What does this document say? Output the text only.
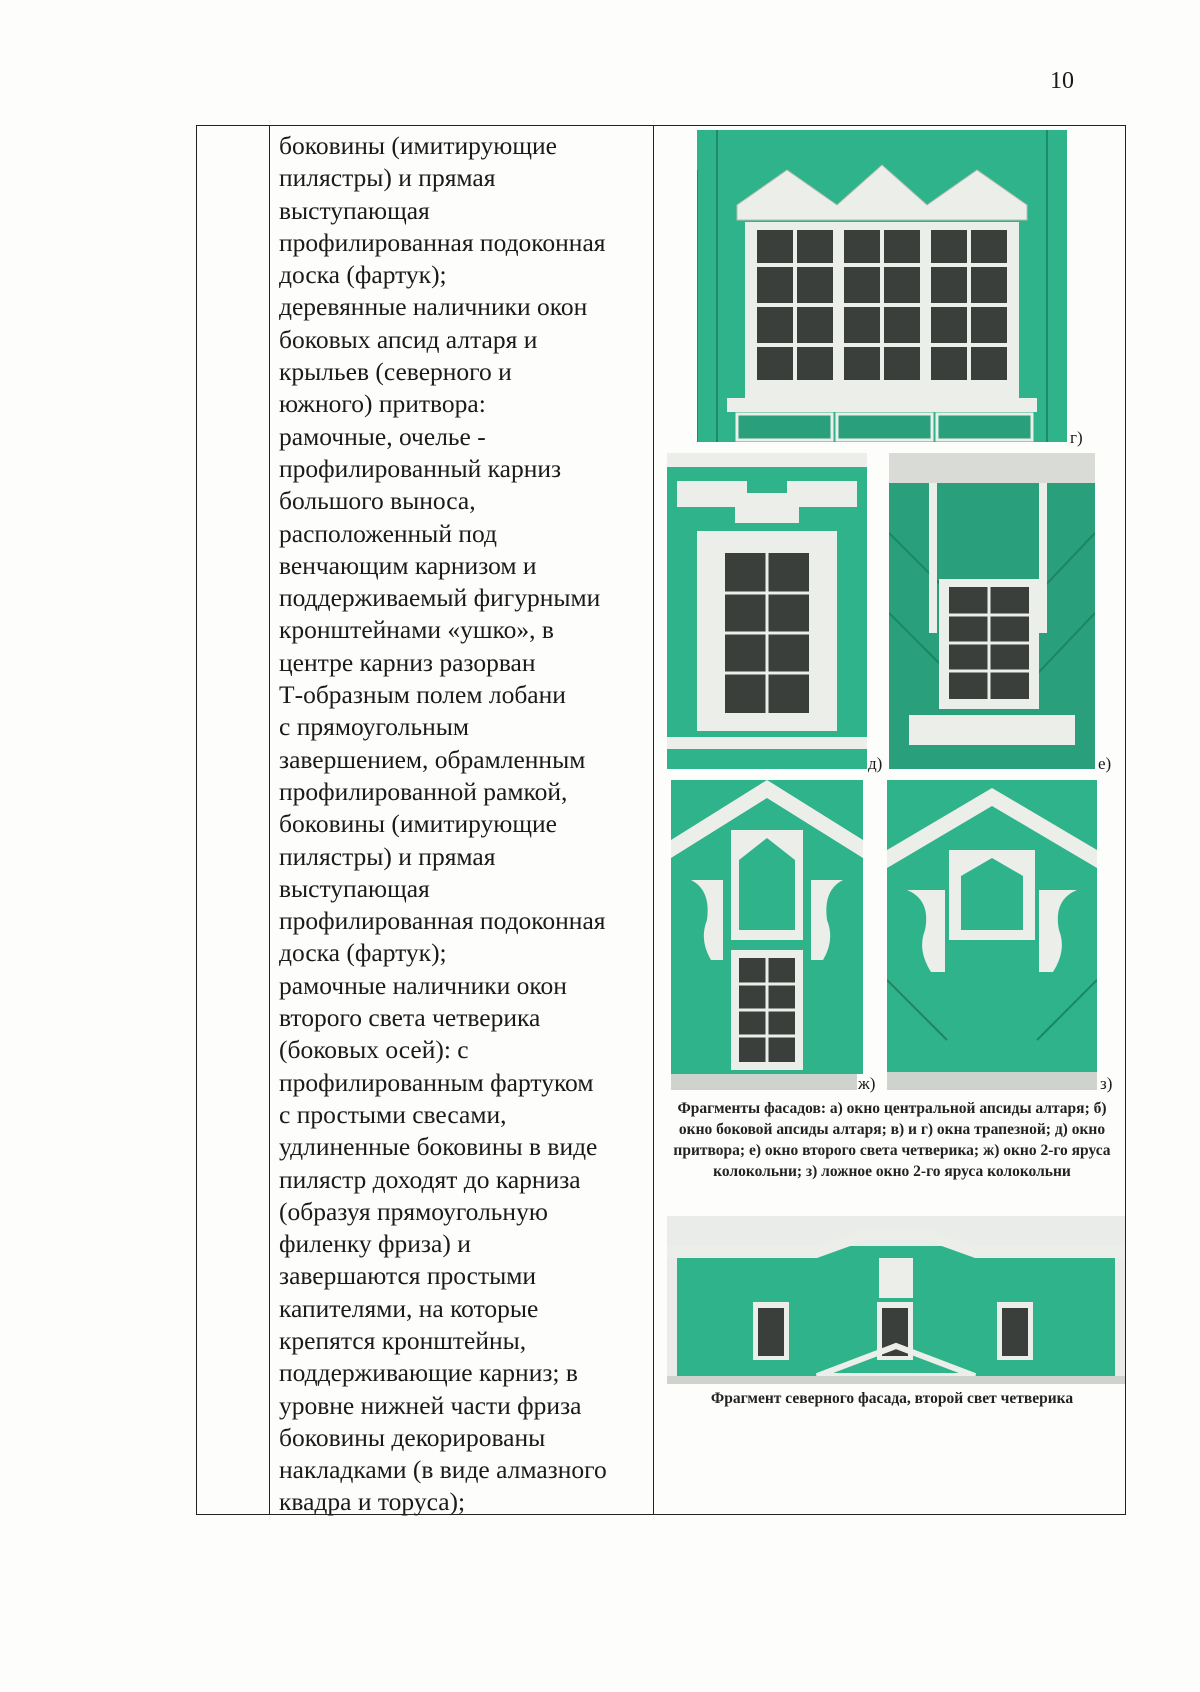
10
боковины (имитирующие
пилястры) и прямая
выступающая
профилированная подоконная
доска (фартук);
деревянные наличники окон
боковых апсид алтаря и
крыльев (северного и
южного) притвора:
рамочные, очелье -
профилированный карниз
большого выноса,
расположенный под
венчающим карнизом и
поддерживаемый фигурными
кронштейнами «ушко», в
центре карниз разорван
Т-образным полем лобани
с прямоугольным
завершением, обрамленным
профилированной рамкой,
боковины (имитирующие
пилястры) и прямая
выступающая
профилированная подоконная
доска (фартук);
рамочные наличники окон
второго света четверика
(боковых осей): с
профилированным фартуком
с простыми свесами,
удлиненные боковины в виде
пилястр доходят до карниза
(образуя прямоугольную
филенку фриза) и
завершаются простыми
капителями, на которые
крепятся кронштейны,
поддерживающие карниз; в
уровне нижней части фриза
боковины декорированы
накладками (в виде алмазного
квадра и торуса);
г)
д)	е)
ж)	з)
Фрагменты фасадов: а) окно центральной апсиды алтаря; б) окно боковой апсиды алтаря; в) и г) окна трапезной; д) окно притвора; е) окно второго света четверика; ж) окно 2-го яруса колокольни; з) ложное окно 2-го яруса колокольни
Фрагмент северного фасада, второй свет четверика
